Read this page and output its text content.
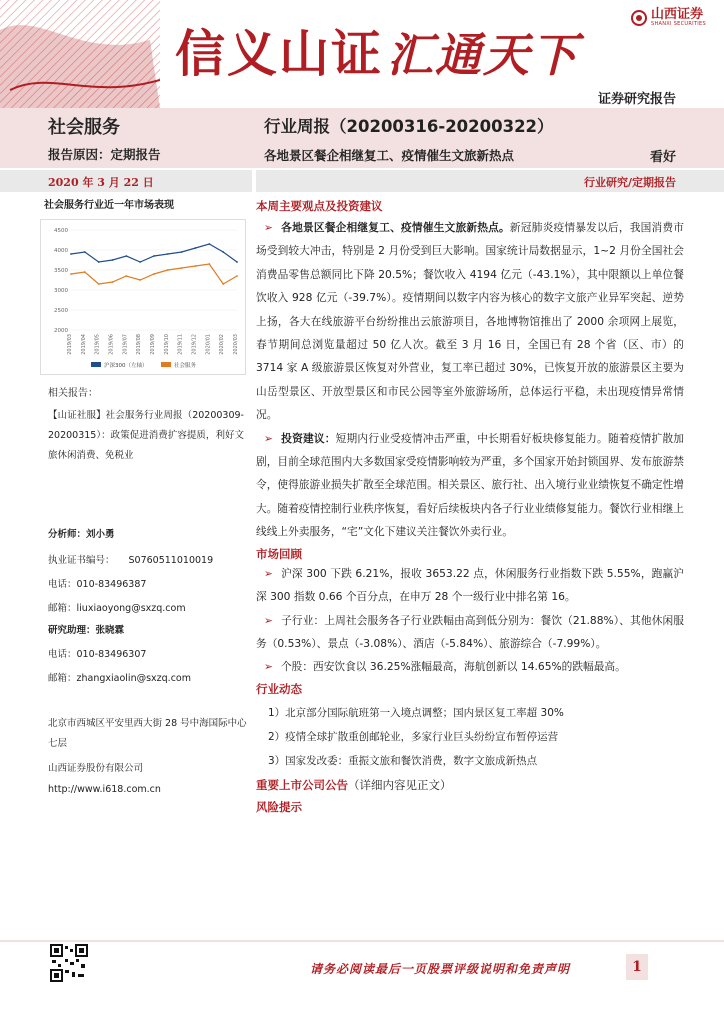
信义山证汇通天下
山西证券
SHANXI SECURITIES
证券研究报告
社会服务
报告原因：定期报告
行业周报（20200316-20200322）
各地景区餐企相继复工、疫情催生文旅新热点	看好
2020 年 3 月 22 日	行业研究/定期报告
社会服务行业近一年市场表现
4500
4000
3500
3000
2500
2000
2019/03 2019/04 2019/05 2019/06 2019/07 2019/08 2019/09 2019/10 2019/11 2019/12 2020/01 2020/02 2020/03
沪深300（左轴）	社会服务
相关报告：
【山证社服】社会服务行业周报（20200309-20200315）：政策促进消费扩容提质，利好文旅休闲消费、免税业
分析师：刘小勇
执业证书编号： S0760511010019
电话：010-83496387
邮箱：liuxiaoyong@sxzq.com
研究助理：张晓霖
电话：010-83496307
邮箱：zhangxiaolin@sxzq.com
北京市西城区平安里西大街 28 号中海国际中心七层
山西证券股份有限公司
http://www.i618.com.cn
本周主要观点及投资建议
➢ 各地景区餐企相继复工、疫情催生文旅新热点。新冠肺炎疫情暴发以后，我国消费市场受到较大冲击，特别是 2 月份受到巨大影响。国家统计局数据显示，1~2 月份全国社会消费品零售总额同比下降 20.5%；餐饮收入 4194 亿元（-43.1%），其中限额以上单位餐饮收入 928 亿元（-39.7%）。疫情期间以数字内容为核心的数字文旅产业异军突起、逆势上扬，各大在线旅游平台纷纷推出云旅游项目，各地博物馆推出了 2000 余项网上展览，春节期间总浏览量超过 50 亿人次。截至 3 月 16 日，全国已有 28 个省（区、市）的 3714 家 A 级旅游景区恢复对外营业，复工率已超过 30%，已恢复开放的旅游景区主要为山岳型景区、开放型景区和市民公园等室外旅游场所，总体运行平稳，未出现疫情异常情况。
➢ 投资建议：短期内行业受疫情冲击严重，中长期看好板块修复能力。随着疫情扩散加剧，目前全球范围内大多数国家受疫情影响较为严重，多个国家开始封锁国界、发布旅游禁令，使得旅游业损失扩散至全球范围。相关景区、旅行社、出入境行业业绩恢复不确定性增大。随着疫情控制行业秩序恢复，看好后续板块内各子行业业绩修复能力。餐饮行业相继上线线上外卖服务，“宅”文化下建议关注餐饮外卖行业。
市场回顾
➢ 沪深 300 下跌 6.21%，报收 3653.22 点，休闲服务行业指数下跌 5.55%，跑赢沪深 300 指数 0.66 个百分点，在申万 28 个一级行业中排名第 16。
➢ 子行业：上周社会服务各子行业跌幅由高到低分别为：餐饮（21.88%）、其他休闲服务（0.53%）、景点（-3.08%）、酒店（-5.84%）、旅游综合（-7.99%）。
➢ 个股：西安饮食以 36.25%涨幅最高，海航创新以 14.65%的跌幅最高。
行业动态
1）北京部分国际航班第一入境点调整；国内景区复工率超 30%
2）疫情全球扩散重创邮轮业，多家行业巨头纷纷宣布暂停运营
3）国家发改委：重振文旅和餐饮消费，数字文旅成新热点
重要上市公司公告（详细内容见正文）
风险提示
请务必阅读最后一页股票评级说明和免责声明	1
